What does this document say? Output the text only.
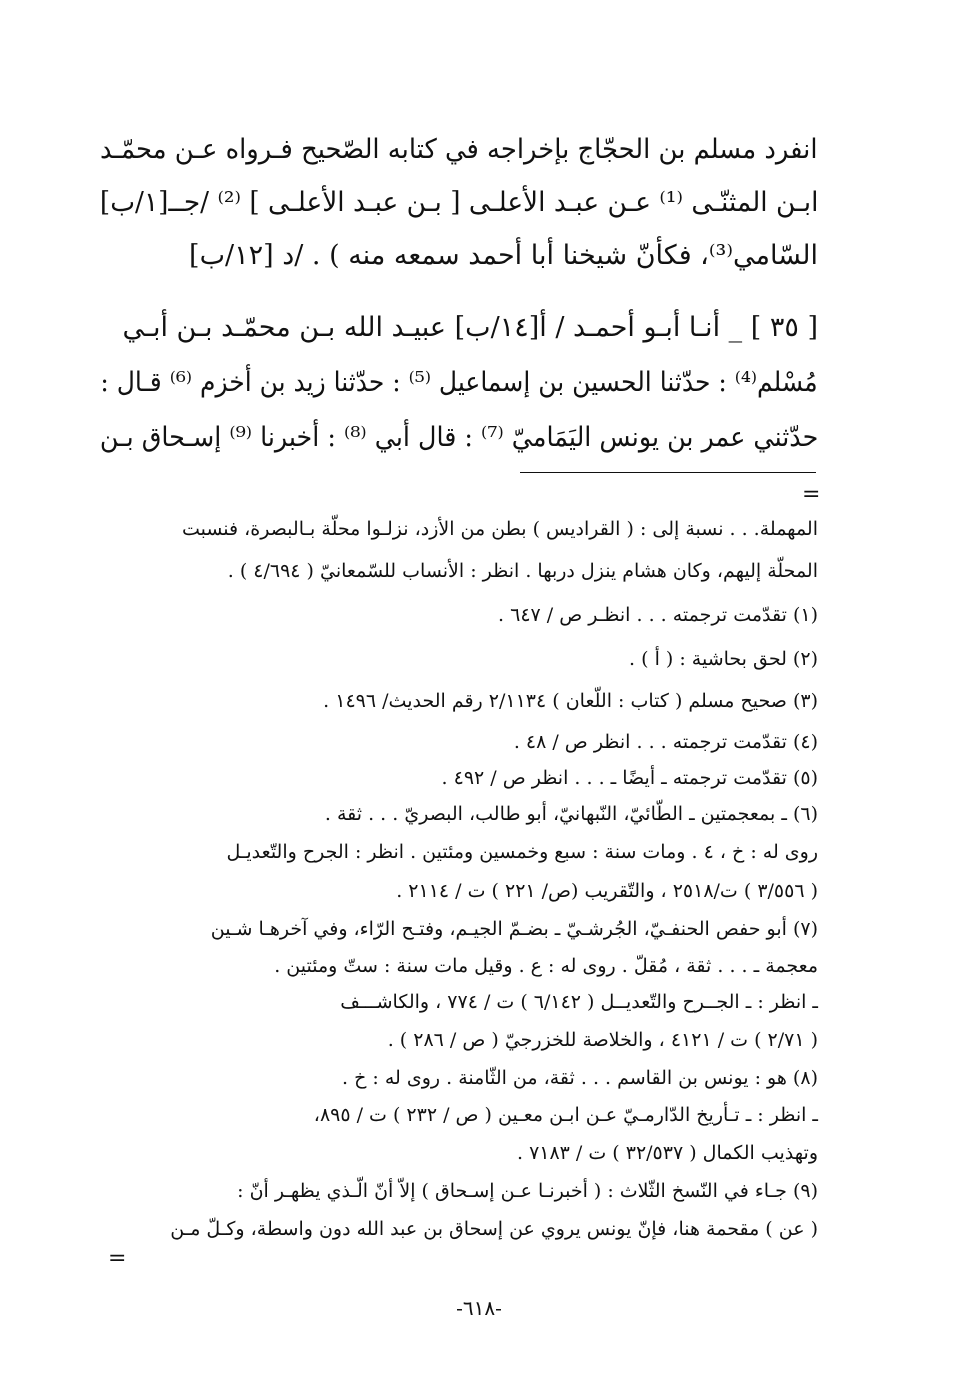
انفرد مسلم بن الحجّاج بإخراجه في كتابه الصّحيح فـرواه عـن محمّـد
ابـن المثنّـى ⁽¹⁾ عـن عبـد الأعلـى [ بـن عبـد الأعلـى ] ⁽²⁾ /جــ[١/ب]
السّامي⁽³⁾، فكأنّ شيخنا أبا أحمد سمعه منه ) . /د [١٢/ب]
[ ٣٥ ] _ أنـا أبـو أحمـد / أ[١٤/ب] عبيـد الله بـن محمّـد بـن أبـي
مُسْلم⁽⁴⁾ : حدّثنا الحسين بن إسماعيل ⁽⁵⁾ : حدّثنا زيد بن أخزم ⁽⁶⁾ قـال :
حدّثني عمر بن يونس اليَمَاميّ ⁽⁷⁾ : قال أبي ⁽⁸⁾ : أخبرنا ⁽⁹⁾ إسـحاق بـن
=
المهملة. . . نسبة إلى : ( القراديس ) بطن من الأزد، نزلـوا محلّة بـالبصرة، فنسبت
المحلّة إليهم، وكان هشام ينزل دربها . انظر : الأنساب للسّمعانيّ ( ٤/٦٩٤ ) .
(١) تقدّمت ترجمته . . . انظـر ص / ٦٤٧ .
(٢) لحق بحاشية : ( أ ) .
(٣) صحيح مسلم ( كتاب : اللّعان ) ٢/١١٣٤ رقم الحديث/ ١٤٩٦ .
(٤) تقدّمت ترجمته . . . انظر ص / ٤٨ .
(٥) تقدّمت ترجمته ـ أيضًا ـ . . . انظر ص / ٤٩٢ .
(٦) ـ بمعجمتين ـ الطّائيّ، النّبهانيّ، أبو طالب، البصريّ . . . ثقة .
روى له : خ ، ٤ . ومات سنة : سبع وخمسين ومئتين . انظر : الجرح والتّعديـل
( ٣/٥٥٦ ) ت/٢٥١٨ ، والتّقريب (ص/ ٢٢١ ) ت / ٢١١٤ .
(٧) أبو حفص الحنفـيّ، الجُرشـيّ ـ بضـمّ الجيـم، وفتـح الرّاء، وفي آخرهـا شـين
معجمة ـ . . . ثقة ، مُقلّ . روى له : ع . وقيل مات سنة : ستّ ومئتين .
ـ انظر : ـ الجــرح والتّعديــل ( ٦/١٤٢ ) ت / ٧٧٤ ، والكاشـــف
( ٢/٧١ ) ت / ٤١٢١ ، والخلاصة للخزرجيّ ( ص / ٢٨٦ ) .
(٨) هو : يونس بن القاسم . . . ثقة، من الثّامنة . روى له : خ .
ـ انظر : ـ تـأريخ الدّارمـيّ عـن ابـن معـين ( ص / ٢٣٢ ) ت / ٨٩٥،
وتهذيب الكمال ( ٣٢/٥٣٧ ) ت / ٧١٨٣ .
(٩) جـاء في النّسخ الثّلاث : ( أخبرنـا عـن إسـحاق ) إلاّ أنّ الّـذي يظهـر أنّ :
( عن ) مقحمة هنا، فإنّ يونس يروي عن إسحاق بن عبد الله دون واسطة، وكـلّ مـن
=
-٦١٨-
